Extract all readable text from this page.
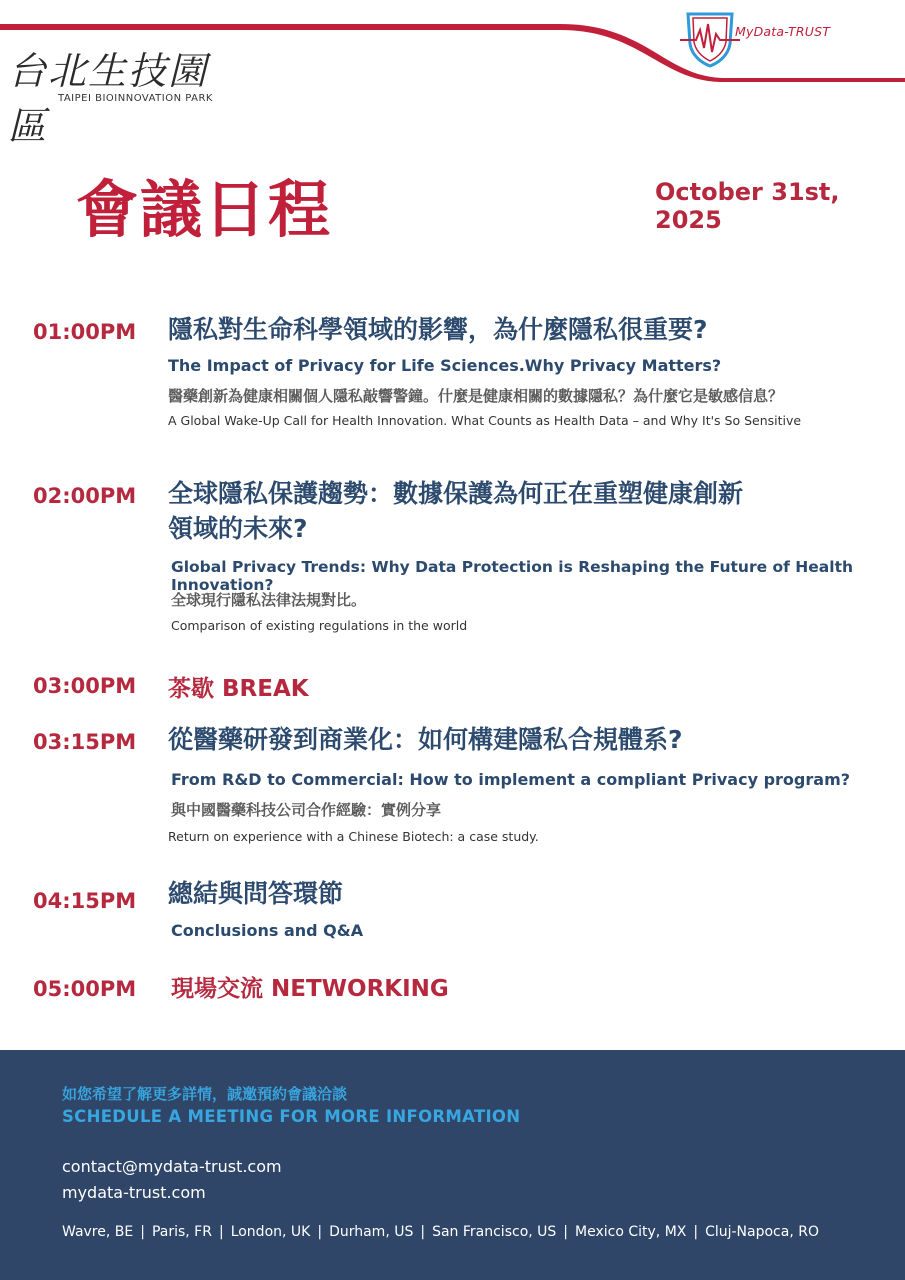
台北生技園區
TAIPEI BIOINNOVATION PARK
MyData-TRUST
會議日程	October 31st, 2025
01:00PM 隱私對生命科學領域的影響，為什麼隱私很重要?
The Impact of Privacy for Life Sciences.Why Privacy Matters?
醫藥創新為健康相關個人隱私敲響警鐘。什麼是健康相關的數據隱私？為什麼它是敏感信息？
A Global Wake-Up Call for Health Innovation. What Counts as Health Data – and Why It's So Sensitive
02:00PM 全球隱私保護趨勢：數據保護為何正在重塑健康創新
領域的未來?
Global Privacy Trends: Why Data Protection is Reshaping the Future of Health Innovation?
全球現行隱私法律法規對比。
Comparison of existing regulations in the world
03:00PM 茶歇 BREAK
03:15PM 從醫藥研發到商業化：如何構建隱私合規體系?
From R&D to Commercial: How to implement a compliant Privacy program?
與中國醫藥科技公司合作經驗：實例分享
Return on experience with a Chinese Biotech: a case study.
04:15PM 總結與問答環節
Conclusions and Q&A
05:00PM 現場交流 NETWORKING
如您希望了解更多詳情，誠邀預約會議洽談
SCHEDULE A MEETING FOR MORE INFORMATION
contact@mydata-trust.com
mydata-trust.com
Wavre, BE | Paris, FR | London, UK | Durham, US | San Francisco, US | Mexico City, MX | Cluj-Napoca, RO
